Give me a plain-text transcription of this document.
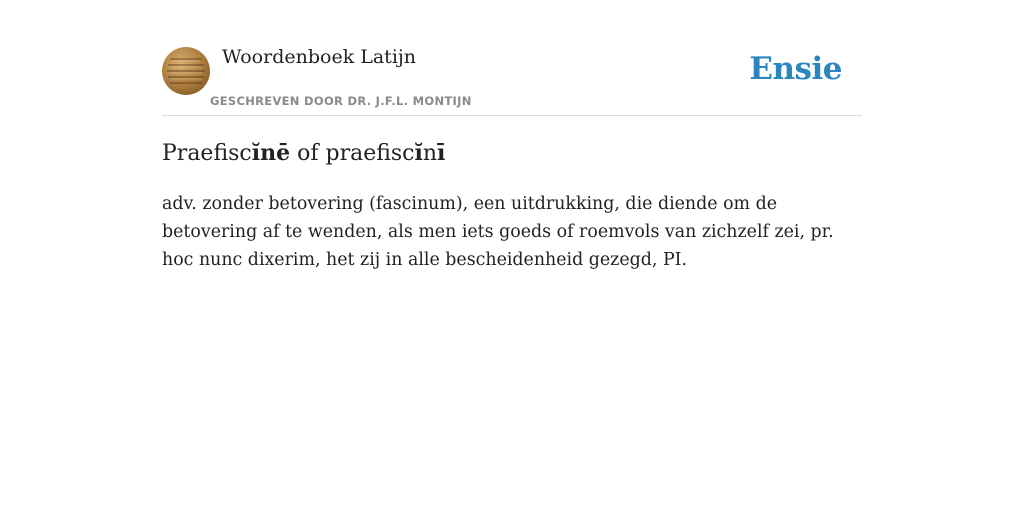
Woordenboek Latijn
GESCHREVEN DOOR DR. J.F.L. MONTIJN
Ensie
Praefiscĭnē of praefiscĭnī

adv. zonder betovering (fascinum), een uitdrukking, die diende om de betovering af te wenden, als men iets goeds of roemvols van zichzelf zei, pr. hoc nunc dixerim, het zij in alle bescheidenheid gezegd, PI.
